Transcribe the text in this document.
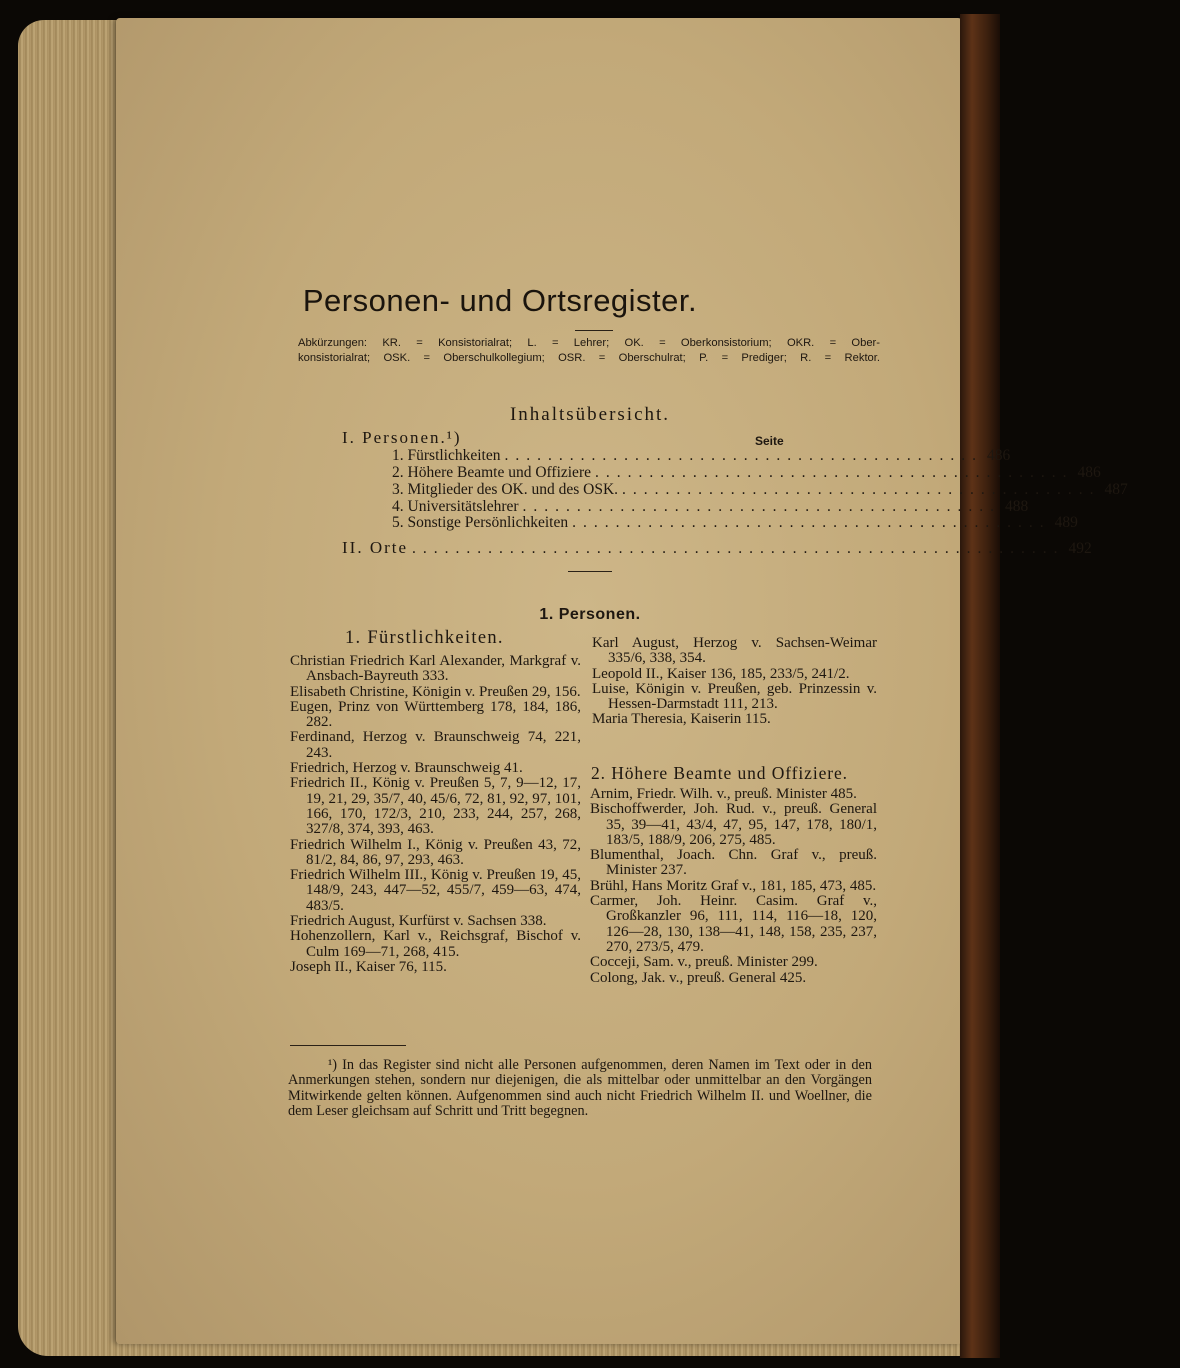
Personen- und Ortsregister.
Abkürzungen: KR. = Konsistorialrat; L. = Lehrer; OK. = Oberkonsistorium; OKR. = Ober-
konsistorialrat; OSK. = Oberschulkollegium; OSR. = Oberschulrat; P. = Prediger; R. = Rektor.
Inhaltsübersicht.
I. Personen.¹)	Seite
1. Fürstlichkeiten ............................................ 486
2. Höhere Beamte und Offiziere ............................................ 486
3. Mitglieder des OK. und des OSK. ............................................ 487
4. Universitätslehrer ............................................ 488
5. Sonstige Persönlichkeiten ............................................ 489
II. Orte ............................................................ 492
1. Personen.
1. Fürstlichkeiten.

Christian Friedrich Karl Alexander, Markgraf v. Ansbach-Bayreuth 333.

Elisabeth Christine, Königin v. Preußen 29, 156.

Eugen, Prinz von Württemberg 178, 184, 186, 282.

Ferdinand, Herzog v. Braunschweig 74, 221, 243.

Friedrich, Herzog v. Braunschweig 41.

Friedrich II., König v. Preußen 5, 7, 9—12, 17, 19, 21, 29, 35/7, 40, 45/6, 72, 81, 92, 97, 101, 166, 170, 172/3, 210, 233, 244, 257, 268, 327/8, 374, 393, 463.

Friedrich Wilhelm I., König v. Preußen 43, 72, 81/2, 84, 86, 97, 293, 463.

Friedrich Wilhelm III., König v. Preußen 19, 45, 148/9, 243, 447—52, 455/7, 459—63, 474, 483/5.

Friedrich August, Kurfürst v. Sachsen 338.

Hohenzollern, Karl v., Reichsgraf, Bischof v. Culm 169—71, 268, 415.

Joseph II., Kaiser 76, 115.

Karl August, Herzog v. Sachsen-Weimar 335/6, 338, 354.

Leopold II., Kaiser 136, 185, 233/5, 241/2.

Luise, Königin v. Preußen, geb. Prinzessin v. Hessen-Darmstadt 111, 213.

Maria Theresia, Kaiserin 115.

2. Höhere Beamte und Offiziere.

Arnim, Friedr. Wilh. v., preuß. Minister 485.

Bischoffwerder, Joh. Rud. v., preuß. General 35, 39—41, 43/4, 47, 95, 147, 178, 180/1, 183/5, 188/9, 206, 275, 485.

Blumenthal, Joach. Chn. Graf v., preuß. Minister 237.

Brühl, Hans Moritz Graf v., 181, 185, 473, 485.

Carmer, Joh. Heinr. Casim. Graf v., Großkanzler 96, 111, 114, 116—18, 120, 126—28, 130, 138—41, 148, 158, 235, 237, 270, 273/5, 479.

Cocceji, Sam. v., preuß. Minister 299.

Colong, Jak. v., preuß. General 425.

¹) In das Register sind nicht alle Personen aufgenommen, deren Namen im Text oder in den Anmerkungen stehen, sondern nur diejenigen, die als mittelbar oder unmittelbar an den Vorgängen Mitwirkende gelten können. Aufgenommen sind auch nicht Friedrich Wilhelm II. und Woellner, die dem Leser gleichsam auf Schritt und Tritt begegnen.
